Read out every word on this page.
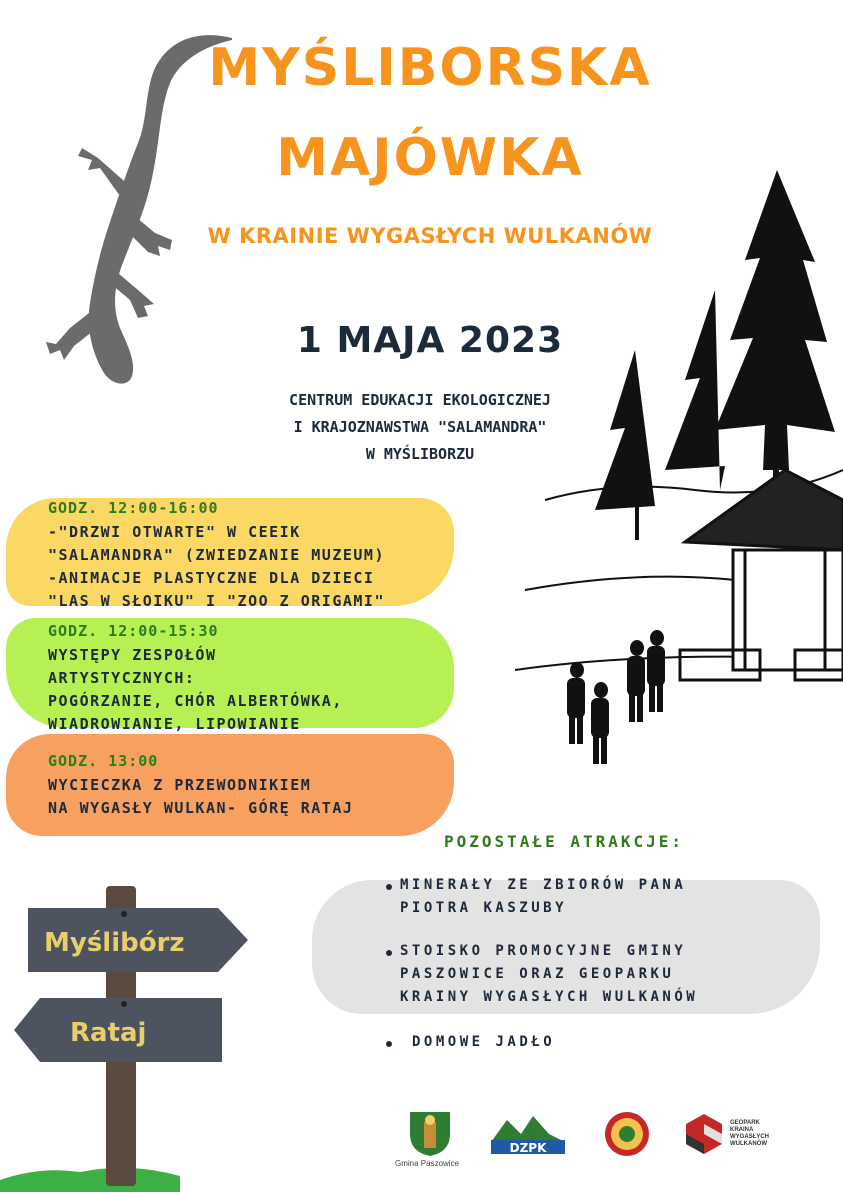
MYŚLIBORSKA
MAJÓWKA
W KRAINIE WYGASŁYCH WULKANÓW
1 MAJA 2023
CENTRUM EDUKACJI EKOLOGICZNEJ
I KRAJOZNAWSTWA "SALAMANDRA"
W MYŚLIBORZU
GODZ. 12:00-16:00
-"DRZWI OTWARTE" W CEEIK
"SALAMANDRA" (ZWIEDZANIE MUZEUM)
-ANIMACJE PLASTYCZNE DLA DZIECI
"LAS W SŁOIKU" I "ZOO Z ORIGAMI"
GODZ. 12:00-15:30
WYSTĘPY ZESPOŁÓW
ARTYSTYCZNYCH:
POGÓRZANIE, CHÓR ALBERTÓWKA,
WIADROWIANIE, LIPOWIANIE
GODZ. 13:00
WYCIECZKA Z PRZEWODNIKIEM
NA WYGASŁY WULKAN- GÓRĘ RATAJ
POZOSTAŁE ATRAKCJE:
MINERAŁY ZE ZBIORÓW PANA
PIOTRA KASZUBY
STOISKO PROMOCYJNE GMINY
PASZOWICE ORAZ GEOPARKU
KRAINY WYGASŁYCH WULKANÓW
DOMOWE JADŁO
Myślibórz
Rataj
Gmina Paszowice
DZPK
GEOPARK
KRAINA
WYGASŁYCH
WULKANÓW
